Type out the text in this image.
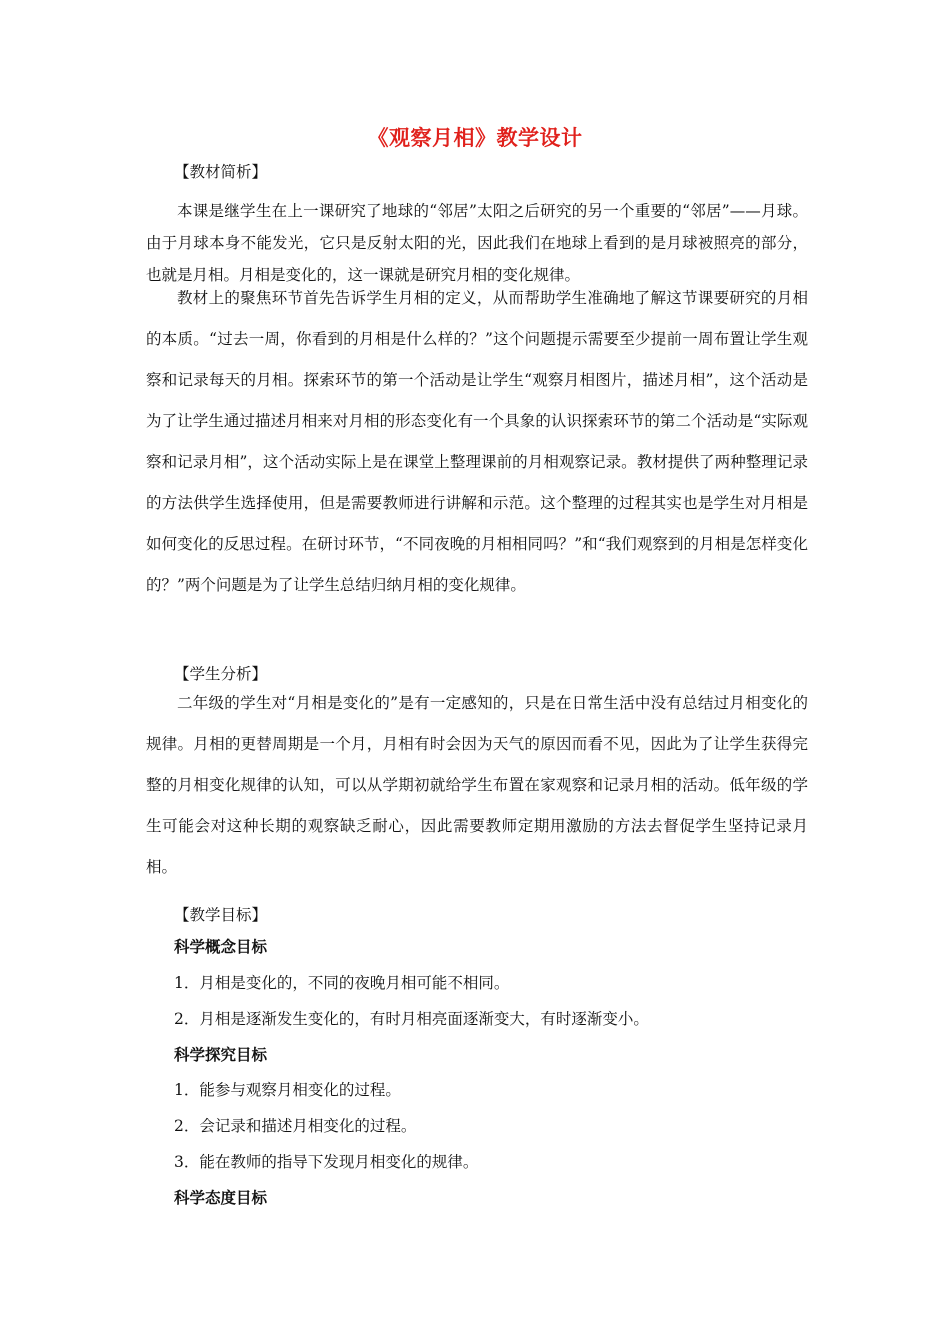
《观察月相》教学设计
【教材简析】

本课是继学生在上一课研究了地球的“邻居”太阳之后研究的另一个重要的“邻居”——月球。由于月球本身不能发光，它只是反射太阳的光，因此我们在地球上看到的是月球被照亮的部分，也就是月相。月相是变化的，这一课就是研究月相的变化规律。

教材上的聚焦环节首先告诉学生月相的定义，从而帮助学生准确地了解这节课要研究的月相的本质。“过去一周，你看到的月相是什么样的？”这个问题提示需要至少提前一周布置让学生观察和记录每天的月相。探索环节的第一个活动是让学生“观察月相图片，描述月相”，这个活动是为了让学生通过描述月相来对月相的形态变化有一个具象的认识探索环节的第二个活动是“实际观察和记录月相”，这个活动实际上是在课堂上整理课前的月相观察记录。教材提供了两种整理记录的方法供学生选择使用，但是需要教师进行讲解和示范。这个整理的过程其实也是学生对月相是如何变化的反思过程。在研讨环节，“不同夜晚的月相相同吗？”和“我们观察到的月相是怎样变化的？”两个问题是为了让学生总结归纳月相的变化规律。

【学生分析】

二年级的学生对“月相是变化的”是有一定感知的，只是在日常生活中没有总结过月相变化的规律。月相的更替周期是一个月，月相有时会因为天气的原因而看不见，因此为了让学生获得完整的月相变化规律的认知，可以从学期初就给学生布置在家观察和记录月相的活动。低年级的学生可能会对这种长期的观察缺乏耐心，因此需要教师定期用激励的方法去督促学生坚持记录月相。

【教学目标】
科学概念目标
1．月相是变化的，不同的夜晚月相可能不相同。
2．月相是逐渐发生变化的，有时月相亮面逐渐变大，有时逐渐变小。
科学探究目标
1．能参与观察月相变化的过程。
2．会记录和描述月相变化的过程。
3．能在教师的指导下发现月相变化的规律。
科学态度目标
